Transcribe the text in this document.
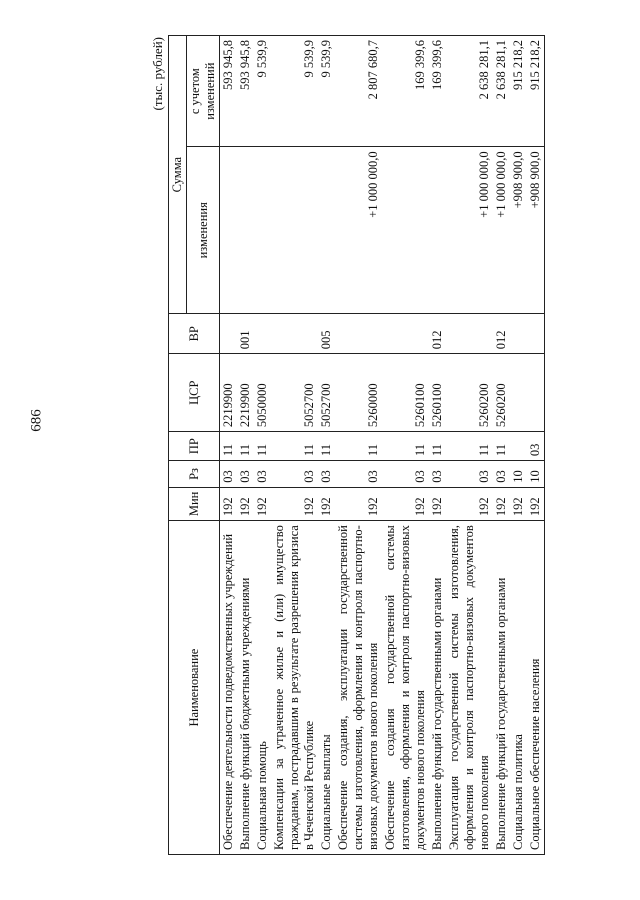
686
(тыс. рублей)
Наименование	Мин	Рз	ПР	ЦСР	ВР	Сумма	
						изменения	с учетом изменений
Обеспечение деятельности подведомственных учреждений	192	03	11	2219900			593 945,8
Выполнение функций бюджетными учреждениями	192	03	11	2219900	001		593 945,8
Социальная помощь	192	03	11	5050000			9 539,9
Компенсации за утраченное жилье и (или) имущество гражданам, пострадавшим в результате разрешения кризиса в Чеченской Республике	192	03	11	5052700			9 539,9
Социальные выплаты	192	03	11	5052700	005		9 539,9
Обеспечение создания, эксплуатации государственной системы изготовления, оформления и контроля паспортно-визовых документов нового поколения	192	03	11	5260000		+1 000 000,0	2 807 680,7
Обеспечение создания государственной системы изготовления, оформления и контроля паспортно-визовых документов нового поколения	192	03	11	5260100			169 399,6
Выполнение функций государственными органами	192	03	11	5260100	012		169 399,6
Эксплуатация государственной системы изготовления, оформления и контроля паспортно-визовых документов нового поколения	192	03	11	5260200		+1 000 000,0	2 638 281,1
Выполнение функций государственными органами	192	03	11	5260200	012	+1 000 000,0	2 638 281,1
Социальная политика	192	10				+908 900,0	915 218,2
Социальное обеспечение населения	192	10	03			+908 900,0	915 218,2
